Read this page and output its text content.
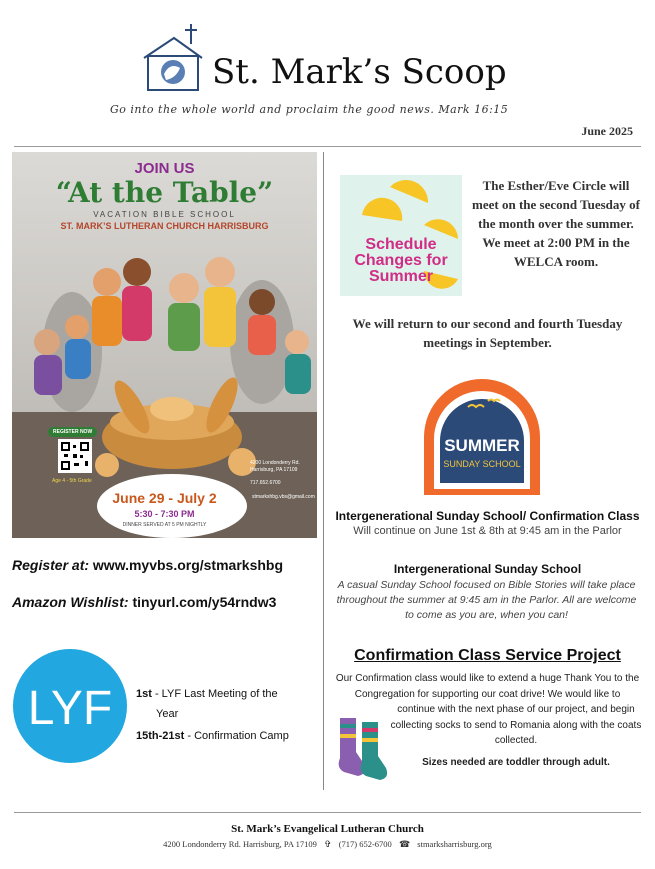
St. Mark’s Scoop
Go into the whole world and proclaim the good news. Mark 16:15
June 2025
JOIN US
“At the Table”
VACATION BIBLE SCHOOL
ST. MARK’S LUTHERAN CHURCH HARRISBURG
REGISTER NOW
Age 4 - 5th Grade
4200 Londonderry Rd.
Harrisburg, PA 17109
717.652.6700
stmarkshbg.vbs@gmail.com
June 29 - July 2
5:30 - 7:30 PM
DINNER SERVED AT 5 PM NIGHTLY
Register at: www.myvbs.org/stmarkshbg
Amazon Wishlist: tinyurl.com/y54rndw3
LYF 1st - LYF Last Meeting of the
Year
15th-21st - Confirmation Camp
Schedule
Changes for
Summer
The Esther/Eve Circle will meet on the second Tuesday of the month over the summer. We meet at 2:00 PM in the WELCA room.
We will return to our second and fourth Tuesday meetings in September.
SUMMER
SUNDAY SCHOOL
Intergenerational Sunday School/ Confirmation Class
Will continue on June 1st & 8th at 9:45 am in the Parlor
Intergenerational Sunday School
A casual Sunday School focused on Bible Stories will take place throughout the summer at 9:45 am in the Parlor. All are welcome to come as you are, when you can!
Confirmation Class Service Project
Our Confirmation class would like to extend a huge Thank You to the Congregation for supporting our coat drive! We would like to
continue with the next phase of our project, and begin collecting socks to send to Romania along with the coats collected.
Sizes needed are toddler through adult.
St. Mark’s Evangelical Lutheran Church
4200 Londonderry Rd. Harrisburg, PA 17109 ✞ (717) 652-6700 ☎ stmarksharrisburg.org
